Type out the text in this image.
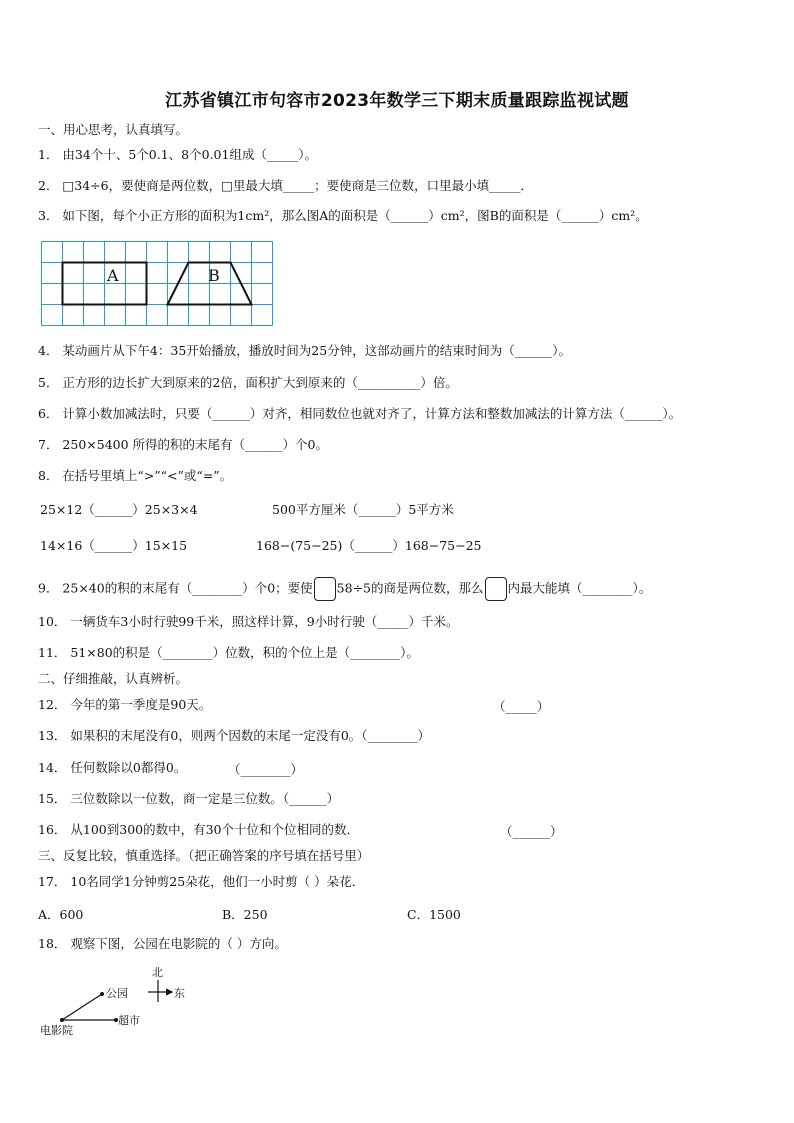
江苏省镇江市句容市2023年数学三下期末质量跟踪监视试题
一、用心思考，认真填写。
1． 由34个十、5个0.1、8个0.01组成（_____）。
2． □34÷6，要使商是两位数，□里最大填_____；要使商是三位数，口里最小填_____．
3． 如下图，每个小正方形的面积为1cm²，那么图A的面积是（______）cm²，图B的面积是（______）cm²。
A	B
4． 某动画片从下午4：35开始播放，播放时间为25分钟，这部动画片的结束时间为（______）。
5． 正方形的边长扩大到原来的2倍，面积扩大到原来的（__________）倍。
6． 计算小数加减法时，只要（______）对齐，相同数位也就对齐了，计算方法和整数加减法的计算方法（______）。
7． 250×5400 所得的积的末尾有（______）个0。
8． 在括号里填上“>”“<”或“=”。
25×12（______）25×3×4	500平方厘米（______）5平方米
14×16（______）15×15	168−(75−25)（______）168−75−25
9． 25×40的积的末尾有（________）个0；要使 58÷5的商是两位数，那么 内最大能填（________）。
10． 一辆货车3小时行驶99千米，照这样计算，9小时行驶（_____）千米。
11． 51×80的积是（________）位数，积的个位上是（________）。
二、仔细推敲，认真辨析。
12． 今年的第一季度是90天。	（_____）
13． 如果积的末尾没有0，则两个因数的末尾一定没有0。（________）
14． 任何数除以0都得0。	（________）
15． 三位数除以一位数，商一定是三位数。（______）
16． 从100到300的数中，有30个十位和个位相同的数．	（______）
三、反复比较，慎重选择。（把正确答案的序号填在括号里）
17． 10名同学1分钟剪25朵花，他们一小时剪（ ）朵花．
A．600	B．250	C．1500
18． 观察下图，公园在电影院的（ ）方向。
北
东
公园
超市
电影院
